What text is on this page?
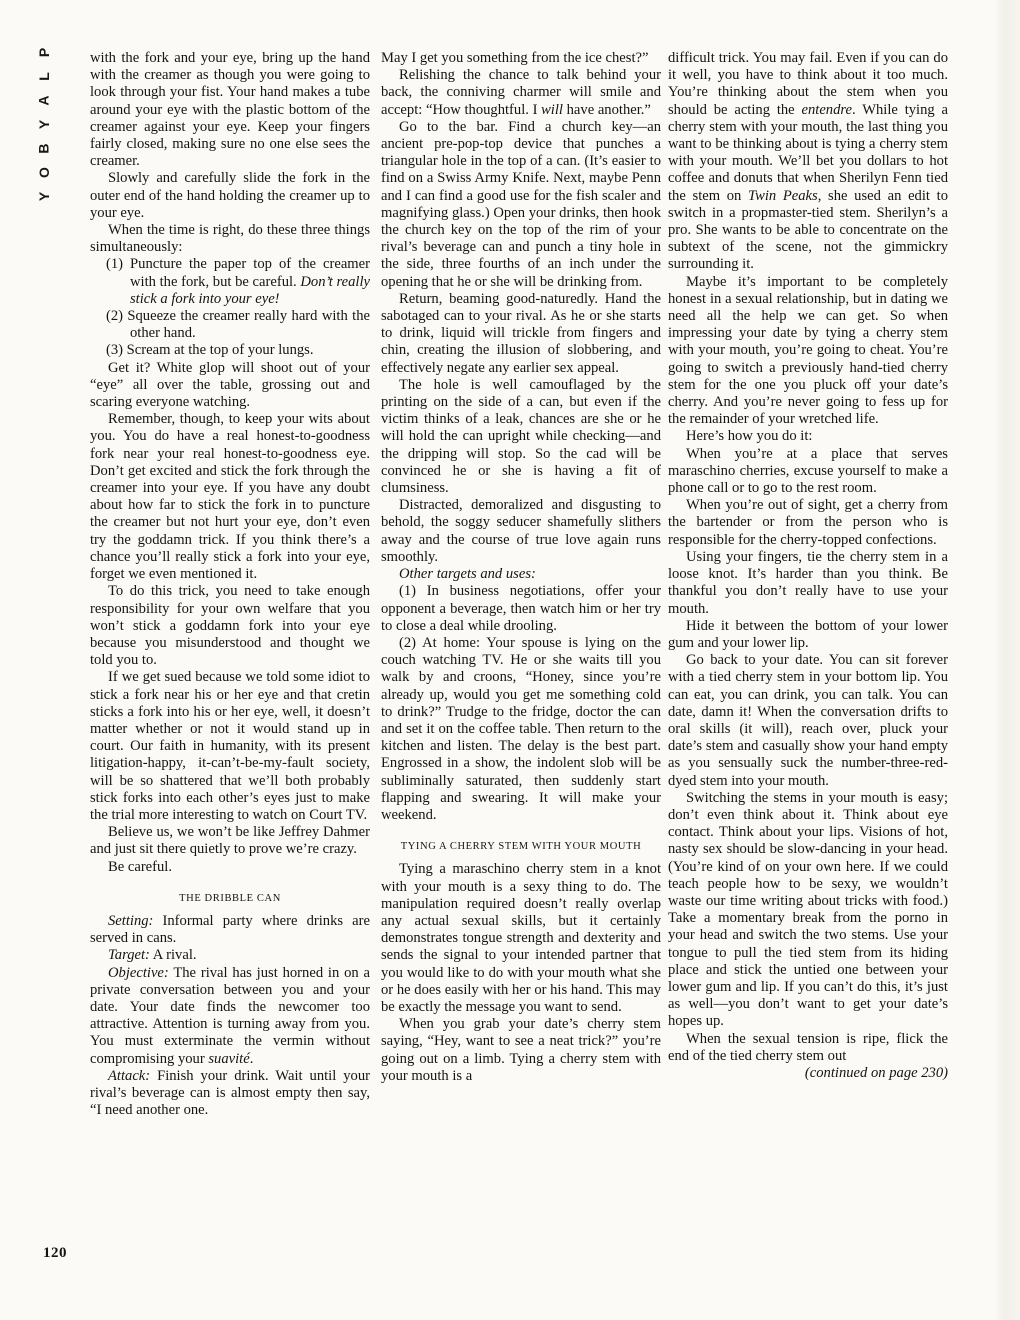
P
L
A
Y
B
O
Y
120

with the fork and your eye, bring up the hand with the creamer as though you were going to look through your fist. Your hand makes a tube around your eye with the plastic bottom of the creamer against your eye. Keep your fingers fairly closed, making sure no one else sees the creamer.

Slowly and carefully slide the fork in the outer end of the hand holding the creamer up to your eye.

When the time is right, do these three things simultaneously:

(1) Puncture the paper top of the creamer with the fork, but be careful. Don’t really stick a fork into your eye!

(2) Squeeze the creamer really hard with the other hand.

(3) Scream at the top of your lungs.

Get it? White glop will shoot out of your “eye” all over the table, grossing out and scaring everyone watching.

Remember, though, to keep your wits about you. You do have a real honest-to-goodness fork near your real honest-to-goodness eye. Don’t get excited and stick the fork through the creamer into your eye. If you have any doubt about how far to stick the fork in to puncture the creamer but not hurt your eye, don’t even try the goddamn trick. If you think there’s a chance you’ll really stick a fork into your eye, forget we even mentioned it.

To do this trick, you need to take enough responsibility for your own welfare that you won’t stick a goddamn fork into your eye because you misunderstood and thought we told you to.

If we get sued because we told some idiot to stick a fork near his or her eye and that cretin sticks a fork into his or her eye, well, it doesn’t matter whether or not it would stand up in court. Our faith in humanity, with its present litigation-happy, it-can’t-be-my-fault society, will be so shattered that we’ll both probably stick forks into each other’s eyes just to make the trial more interesting to watch on Court TV.

Believe us, we won’t be like Jeffrey Dahmer and just sit there quietly to prove we’re crazy.

Be careful.

THE DRIBBLE CAN

Setting: Informal party where drinks are served in cans.

Target: A rival.

Objective: The rival has just horned in on a private conversation between you and your date. Your date finds the newcomer too attractive. Attention is turning away from you. You must exterminate the vermin without compromising your suavité.

Attack: Finish your drink. Wait until your rival’s beverage can is almost empty then say, “I need another one.

May I get you something from the ice chest?”

Relishing the chance to talk behind your back, the conniving charmer will smile and accept: “How thoughtful. I will have another.”

Go to the bar. Find a church key—an ancient pre-pop-top device that punches a triangular hole in the top of a can. (It’s easier to find on a Swiss Army Knife. Next, maybe Penn and I can find a good use for the fish scaler and magnifying glass.) Open your drinks, then hook the church key on the top of the rim of your rival’s beverage can and punch a tiny hole in the side, three fourths of an inch under the opening that he or she will be drinking from.

Return, beaming good-naturedly. Hand the sabotaged can to your rival. As he or she starts to drink, liquid will trickle from fingers and chin, creating the illusion of slobbering, and effectively negate any earlier sex appeal.

The hole is well camouflaged by the printing on the side of a can, but even if the victim thinks of a leak, chances are she or he will hold the can upright while checking—and the dripping will stop. So the cad will be convinced he or she is having a fit of clumsiness.

Distracted, demoralized and disgusting to behold, the soggy seducer shamefully slithers away and the course of true love again runs smoothly.

Other targets and uses:

(1) In business negotiations, offer your opponent a beverage, then watch him or her try to close a deal while drooling.

(2) At home: Your spouse is lying on the couch watching TV. He or she waits till you walk by and croons, “Honey, since you’re already up, would you get me something cold to drink?” Trudge to the fridge, doctor the can and set it on the coffee table. Then return to the kitchen and listen. The delay is the best part. Engrossed in a show, the indolent slob will be subliminally saturated, then suddenly start flapping and swearing. It will make your weekend.

TYING A CHERRY STEM WITH YOUR MOUTH

Tying a maraschino cherry stem in a knot with your mouth is a sexy thing to do. The manipulation required doesn’t really overlap any actual sexual skills, but it certainly demonstrates tongue strength and dexterity and sends the signal to your intended partner that you would like to do with your mouth what she or he does easily with her or his hand. This may be exactly the message you want to send.

When you grab your date’s cherry stem saying, “Hey, want to see a neat trick?” you’re going out on a limb. Tying a cherry stem with your mouth is a

difficult trick. You may fail. Even if you can do it well, you have to think about it too much. You’re thinking about the stem when you should be acting the entendre. While tying a cherry stem with your mouth, the last thing you want to be thinking about is tying a cherry stem with your mouth. We’ll bet you dollars to hot coffee and donuts that when Sherilyn Fenn tied the stem on Twin Peaks, she used an edit to switch in a propmaster-tied stem. Sherilyn’s a pro. She wants to be able to concentrate on the subtext of the scene, not the gimmickry surrounding it.

Maybe it’s important to be completely honest in a sexual relationship, but in dating we need all the help we can get. So when impressing your date by tying a cherry stem with your mouth, you’re going to cheat. You’re going to switch a previously hand-tied cherry stem for the one you pluck off your date’s cherry. And you’re never going to fess up for the remainder of your wretched life.

Here’s how you do it:

When you’re at a place that serves maraschino cherries, excuse yourself to make a phone call or to go to the rest room.

When you’re out of sight, get a cherry from the bartender or from the person who is responsible for the cherry-topped confections.

Using your fingers, tie the cherry stem in a loose knot. It’s harder than you think. Be thankful you don’t really have to use your mouth.

Hide it between the bottom of your lower gum and your lower lip.

Go back to your date. You can sit forever with a tied cherry stem in your bottom lip. You can eat, you can drink, you can talk. You can date, damn it! When the conversation drifts to oral skills (it will), reach over, pluck your date’s stem and casually show your hand empty as you sensually suck the number-three-red-dyed stem into your mouth.

Switching the stems in your mouth is easy; don’t even think about it. Think about eye contact. Think about your lips. Visions of hot, nasty sex should be slow-dancing in your head. (You’re kind of on your own here. If we could teach people how to be sexy, we wouldn’t waste our time writing about tricks with food.) Take a momentary break from the porno in your head and switch the two stems. Use your tongue to pull the tied stem from its hiding place and stick the untied one between your lower gum and lip. If you can’t do this, it’s just as well—you don’t want to get your date’s hopes up.

When the sexual tension is ripe, flick the end of the tied cherry stem out

(continued on page 230)
